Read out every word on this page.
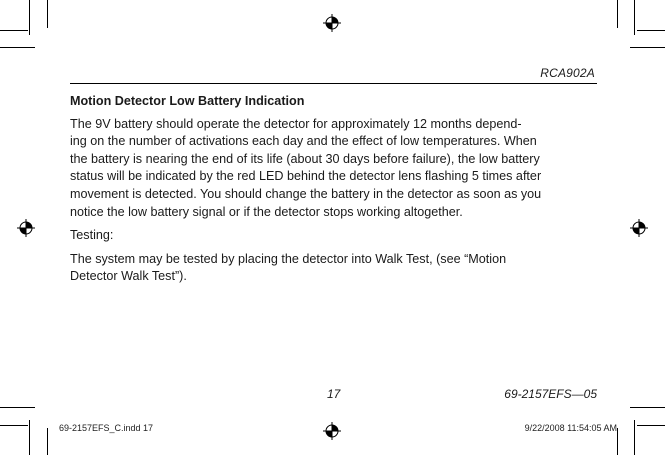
RCA902A
Motion Detector Low Battery Indication

The 9V battery should operate the detector for approximately 12 months depend-
ing on the number of activations each day and the effect of low temperatures. When
the battery is nearing the end of its life (about 30 days before failure), the low battery
status will be indicated by the red LED behind the detector lens flashing 5 times after
movement is detected. You should change the battery in the detector as soon as you
notice the low battery signal or if the detector stops working altogether.

Testing:

The system may be tested by placing the detector into Walk Test, (see “Motion
Detector Walk Test”).

17	69-2157EFS—05
69-2157EFS_C.indd 17	9/22/2008 11:54:05 AM
